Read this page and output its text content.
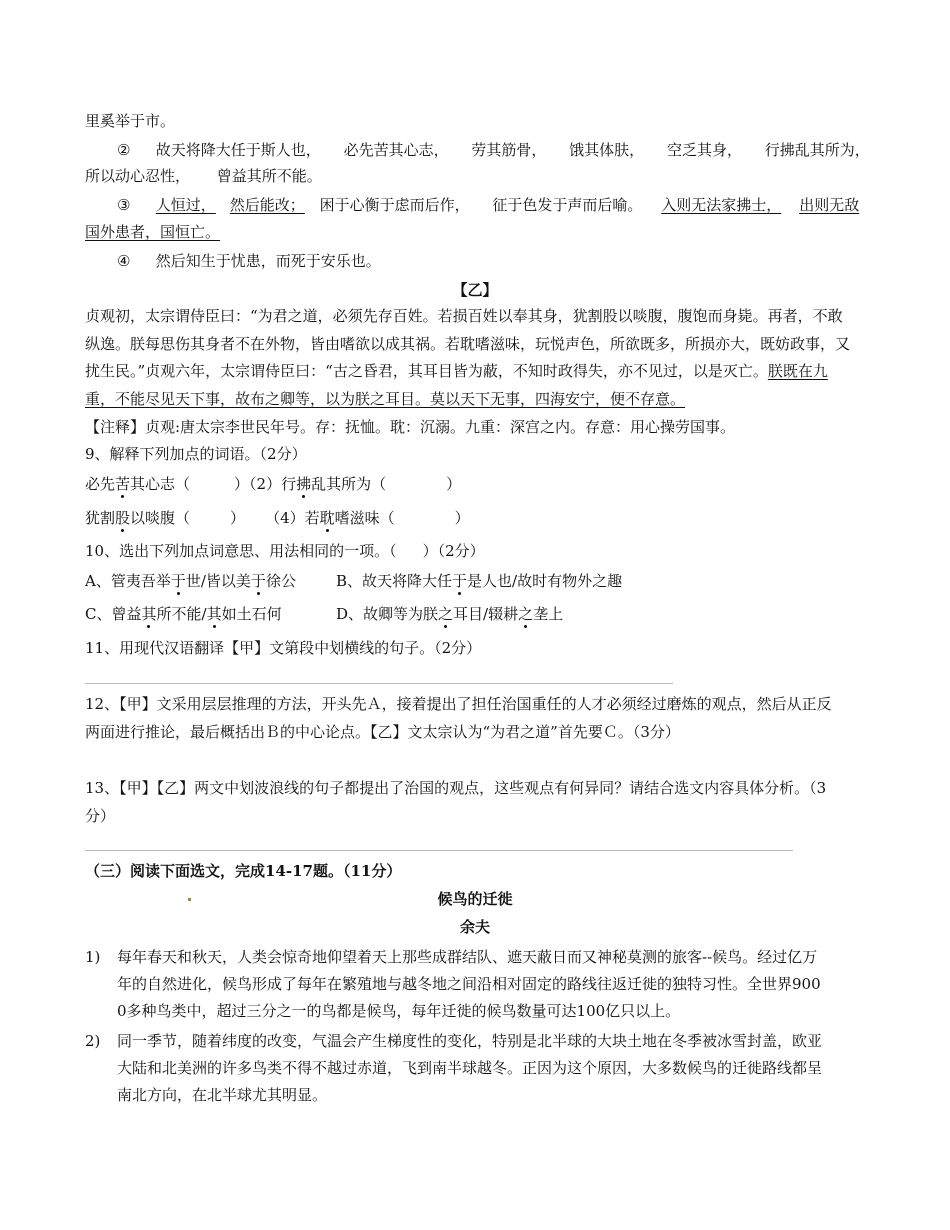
里奚举于市。
② 故天将降大任于斯人也， 必先苦其心志， 劳其筋骨， 饿其体肤， 空乏其身， 行拂乱其所为，
所以动心忍性， 曾益其所不能。
③ 人恒过， 然后能改； 困于心衡于虑而后作， 征于色发于声而后喻。 入则无法家拂士， 出则无敌
国外患者，国恒亡。
④ 然后知生于忧患，而死于安乐也。
【乙】
贞观初，太宗谓侍臣曰：“为君之道，必须先存百姓。若损百姓以奉其身，犹割股以啖腹，腹饱而身毙。再者，不敢
纵逸。朕每思伤其身者不在外物，皆由嗜欲以成其祸。若耽嗜滋味，玩悦声色，所欲既多，所损亦大，既妨政事，又
扰生民。”贞观六年，太宗谓侍臣曰：“古之昏君，其耳目皆为蔽，不知时政得失，亦不见过，以是灭亡。朕既在九
重，不能尽见天下事，故布之卿等，以为朕之耳目。莫以天下无事，四海安宁，便不存意。
【注释】贞观:唐太宗李世民年号。存：抚恤。耽：沉溺。九重：深宫之内。存意：用心操劳国事。
9、解释下列加点的词语。（2分）
必先苦其心志（	）（2）行拂乱其所为（	）
犹割股以啖腹（	） （4）若耽嗜滋味（	）
10、选出下列加点词意思、用法相同的一项。（ ）（2分）
A、管夷吾举于世/皆以美于徐公	B、故天将降大任于是人也/故时有物外之趣
C、曾益其所不能/其如土石何	D、故卿等为朕之耳目/辍耕之垄上
11、用现代汉语翻译【甲】文第段中划横线的句子。（2分）
12、【甲】文采用层层推理的方法，开头先Ａ，接着提出了担任治国重任的人才必须经过磨炼的观点，然后从正反
两面进行推论，最后概括出Ｂ的中心论点。【乙】文太宗认为“为君之道”首先要Ｃ。（3分）
13、【甲】【乙】两文中划波浪线的句子都提出了治国的观点，这些观点有何异同？请结合选文内容具体分析。（3
分）
（三）阅读下面选文，完成14-17题。（11分）
候鸟的迁徙
余夫
1) 每年春天和秋天，人类会惊奇地仰望着天上那些成群结队、遮天蔽日而又神秘莫测的旅客--候鸟。经过亿万
年的自然进化，候鸟形成了每年在繁殖地与越冬地之间沿相对固定的路线往返迁徙的独特习性。全世界900
0多种鸟类中，超过三分之一的鸟都是候鸟，每年迁徙的候鸟数量可达100亿只以上。
2) 同一季节，随着纬度的改变，气温会产生梯度性的变化，特别是北半球的大块土地在冬季被冰雪封盖，欧亚
大陆和北美洲的许多鸟类不得不越过赤道，飞到南半球越冬。正因为这个原因，大多数候鸟的迁徙路线都呈
南北方向，在北半球尤其明显。
